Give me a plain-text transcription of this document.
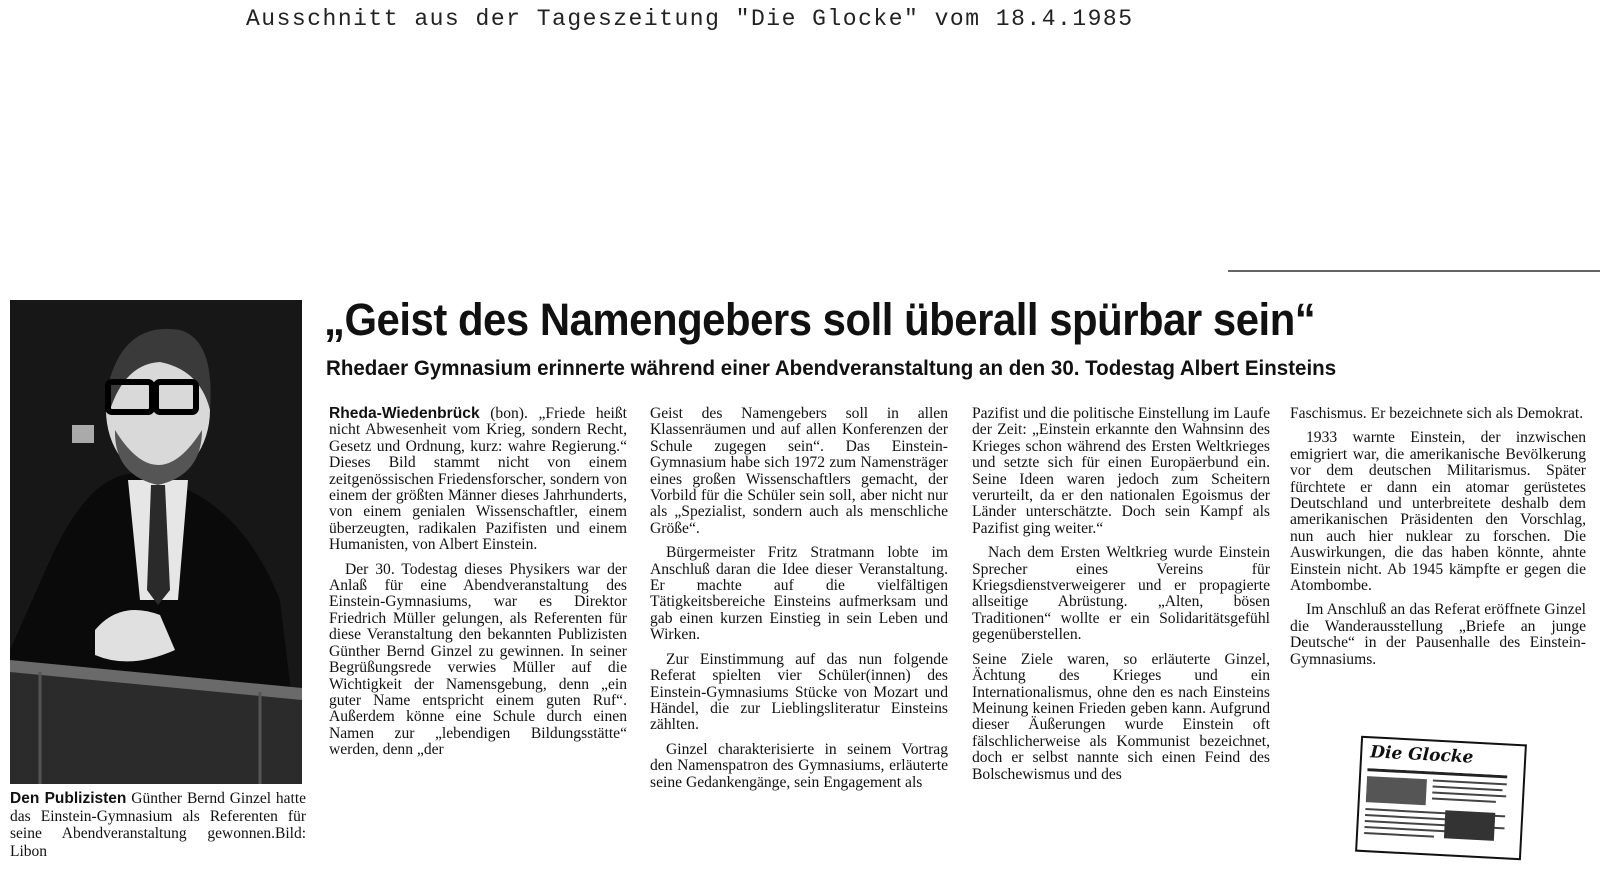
Ausschnitt aus der Tageszeitung "Die Glocke" vom 18.4.1985
Den Publizisten Günther Bernd Ginzel hatte das Einstein-Gymnasium als Referenten für seine Abendveranstaltung gewonnen.Bild: Libon
„Geist des Namengebers soll überall spürbar sein“
Rhedaer Gymnasium erinnerte während einer Abendveranstaltung an den 30. Todestag Albert Einsteins

Rheda-Wiedenbrück (bon). „Friede heißt nicht Abwesenheit vom Krieg, sondern Recht, Gesetz und Ordnung, kurz: wahre Regierung.“ Dieses Bild stammt nicht von einem zeitgenössischen Friedensforscher, sondern von einem der größten Männer dieses Jahrhunderts, von einem genialen Wissenschaftler, einem überzeugten, radikalen Pazifisten und einem Humanisten, von Albert Einstein.

Der 30. Todestag dieses Physikers war der Anlaß für eine Abendveranstaltung des Einstein-Gymnasiums, war es Direktor Friedrich Müller gelungen, als Referenten für diese Veranstaltung den bekannten Publizisten Günther Bernd Ginzel zu gewinnen. In seiner Begrüßungsrede verwies Müller auf die Wichtigkeit der Namensgebung, denn „ein guter Name entspricht einem guten Ruf“. Außerdem könne eine Schule durch einen Namen zur „lebendigen Bildungsstätte“ werden, denn „der

Geist des Namengebers soll in allen Klassenräumen und auf allen Konferenzen der Schule zugegen sein“. Das Einstein-Gymnasium habe sich 1972 zum Namensträger eines großen Wissenschaftlers gemacht, der Vorbild für die Schüler sein soll, aber nicht nur als „Spezialist, sondern auch als menschliche Größe“.

Bürgermeister Fritz Stratmann lobte im Anschluß daran die Idee dieser Veranstaltung. Er machte auf die vielfältigen Tätigkeitsbereiche Einsteins aufmerksam und gab einen kurzen Einstieg in sein Leben und Wirken.

Zur Einstimmung auf das nun folgende Referat spielten vier Schüler(innen) des Einstein-Gymnasiums Stücke von Mozart und Händel, die zur Lieblingsliteratur Einsteins zählten.

Ginzel charakterisierte in seinem Vortrag den Namenspatron des Gymnasiums, erläuterte seine Gedankengänge, sein Engagement als

Pazifist und die politische Einstellung im Laufe der Zeit: „Einstein erkannte den Wahnsinn des Krieges schon während des Ersten Weltkrieges und setzte sich für einen Europäerbund ein. Seine Ideen waren jedoch zum Scheitern verurteilt, da er den nationalen Egoismus der Länder unterschätzte. Doch sein Kampf als Pazifist ging weiter.“

Nach dem Ersten Weltkrieg wurde Einstein Sprecher eines Vereins für Kriegsdienstverweigerer und er propagierte allseitige Abrüstung. „Alten, bösen Traditionen“ wollte er ein Solidaritätsgefühl gegenüberstellen.

Seine Ziele waren, so erläuterte Ginzel, Ächtung des Krieges und ein Internationalismus, ohne den es nach Einsteins Meinung keinen Frieden geben kann. Aufgrund dieser Äußerungen wurde Einstein oft fälschlicherweise als Kommunist bezeichnet, doch er selbst nannte sich einen Feind des Bolschewismus und des

Faschismus. Er bezeichnete sich als Demokrat.

1933 warnte Einstein, der inzwischen emigriert war, die amerikanische Bevölkerung vor dem deutschen Militarismus. Später fürchtete er dann ein atomar gerüstetes Deutschland und unterbreitete deshalb dem amerikanischen Präsidenten den Vorschlag, nun auch hier nuklear zu forschen. Die Auswirkungen, die das haben könnte, ahnte Einstein nicht. Ab 1945 kämpfte er gegen die Atombombe.

Im Anschluß an das Referat eröffnete Ginzel die Wanderausstellung „Briefe an junge Deutsche“ in der Pausenhalle des Einstein-Gymnasiums.

Die Glocke
